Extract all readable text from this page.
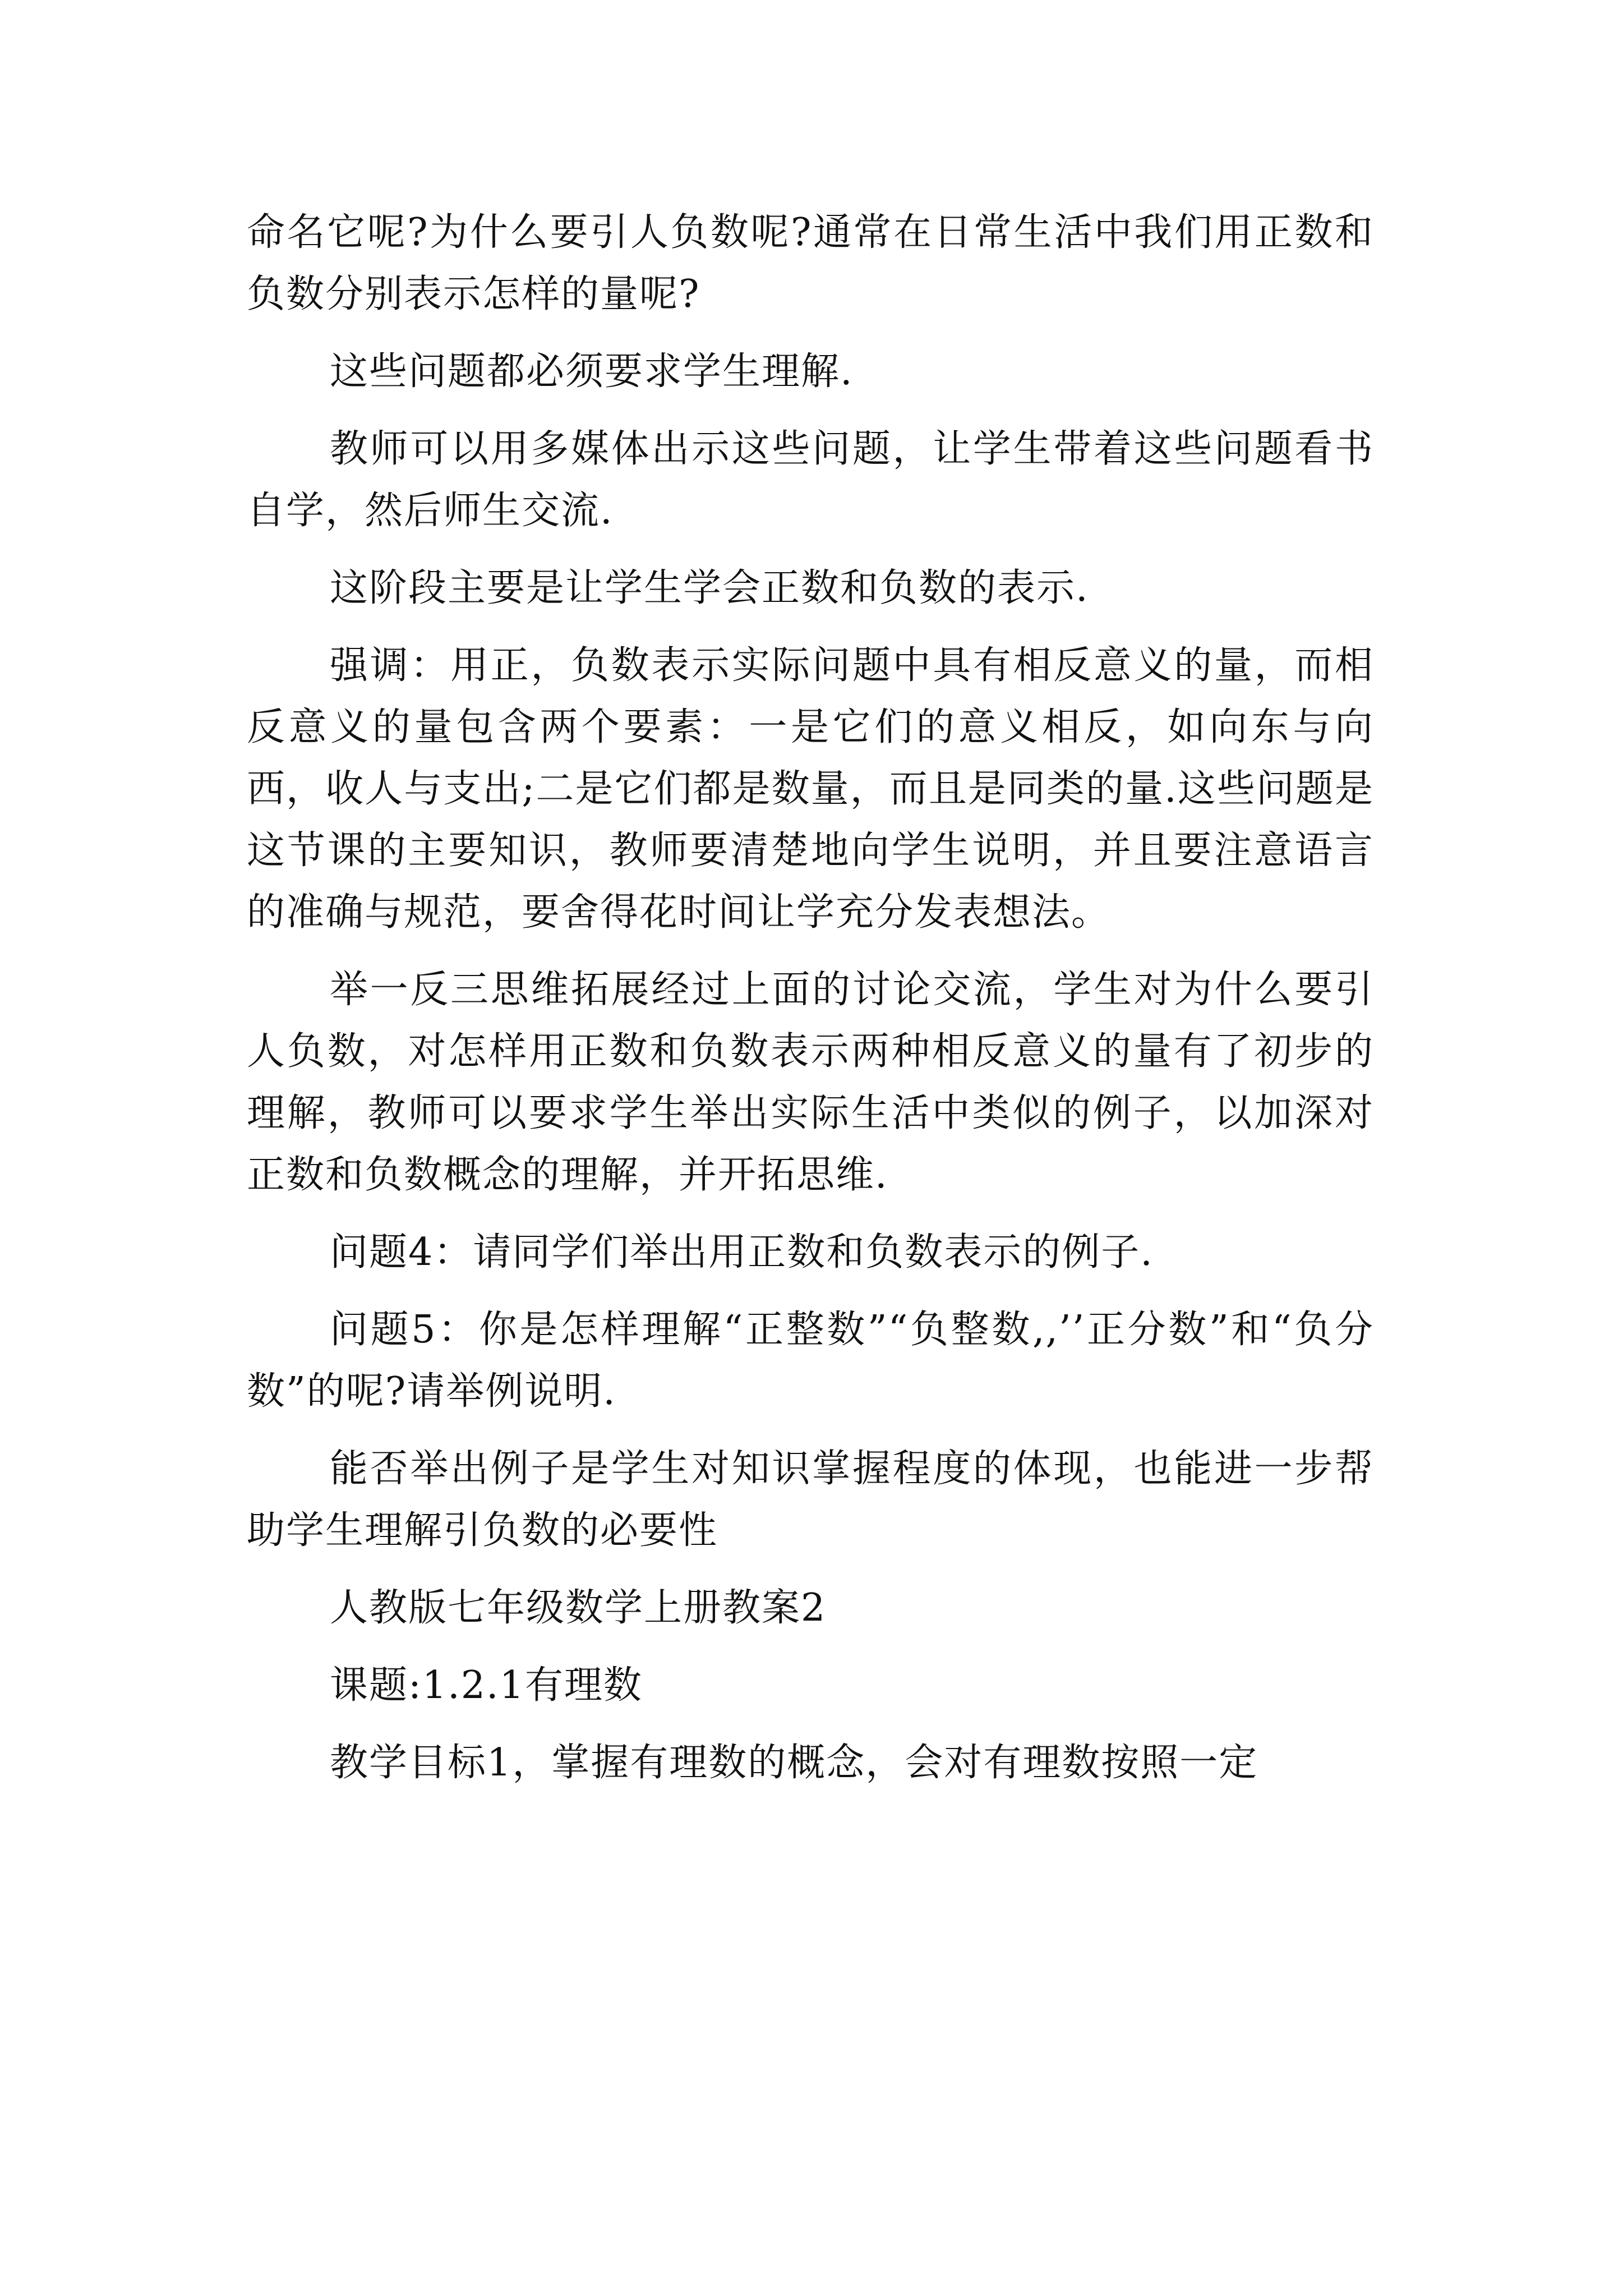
命名它呢?为什么要引人负数呢?通常在日常生活中我们用正数和负数分别表示怎样的量呢?

这些问题都必须要求学生理解.

教师可以用多媒体出示这些问题，让学生带着这些问题看书自学，然后师生交流.

这阶段主要是让学生学会正数和负数的表示.

强调：用正，负数表示实际问题中具有相反意义的量，而相反意义的量包含两个要素：一是它们的意义相反，如向东与向西，收人与支出;二是它们都是数量，而且是同类的量.这些问题是这节课的主要知识，教师要清楚地向学生说明，并且要注意语言的准确与规范，要舍得花时间让学充分发表想法。

举一反三思维拓展经过上面的讨论交流，学生对为什么要引人负数，对怎样用正数和负数表示两种相反意义的量有了初步的理解，教师可以要求学生举出实际生活中类似的例子，以加深对正数和负数概念的理解，并开拓思维.

问题4：请同学们举出用正数和负数表示的例子.

问题5：你是怎样理解“正整数”“负整数,,’’正分数”和“负分数”的呢?请举例说明.

能否举出例子是学生对知识掌握程度的体现，也能进一步帮助学生理解引负数的必要性

人教版七年级数学上册教案2

课题:1.2.1有理数

教学目标1，掌握有理数的概念，会对有理数按照一定
